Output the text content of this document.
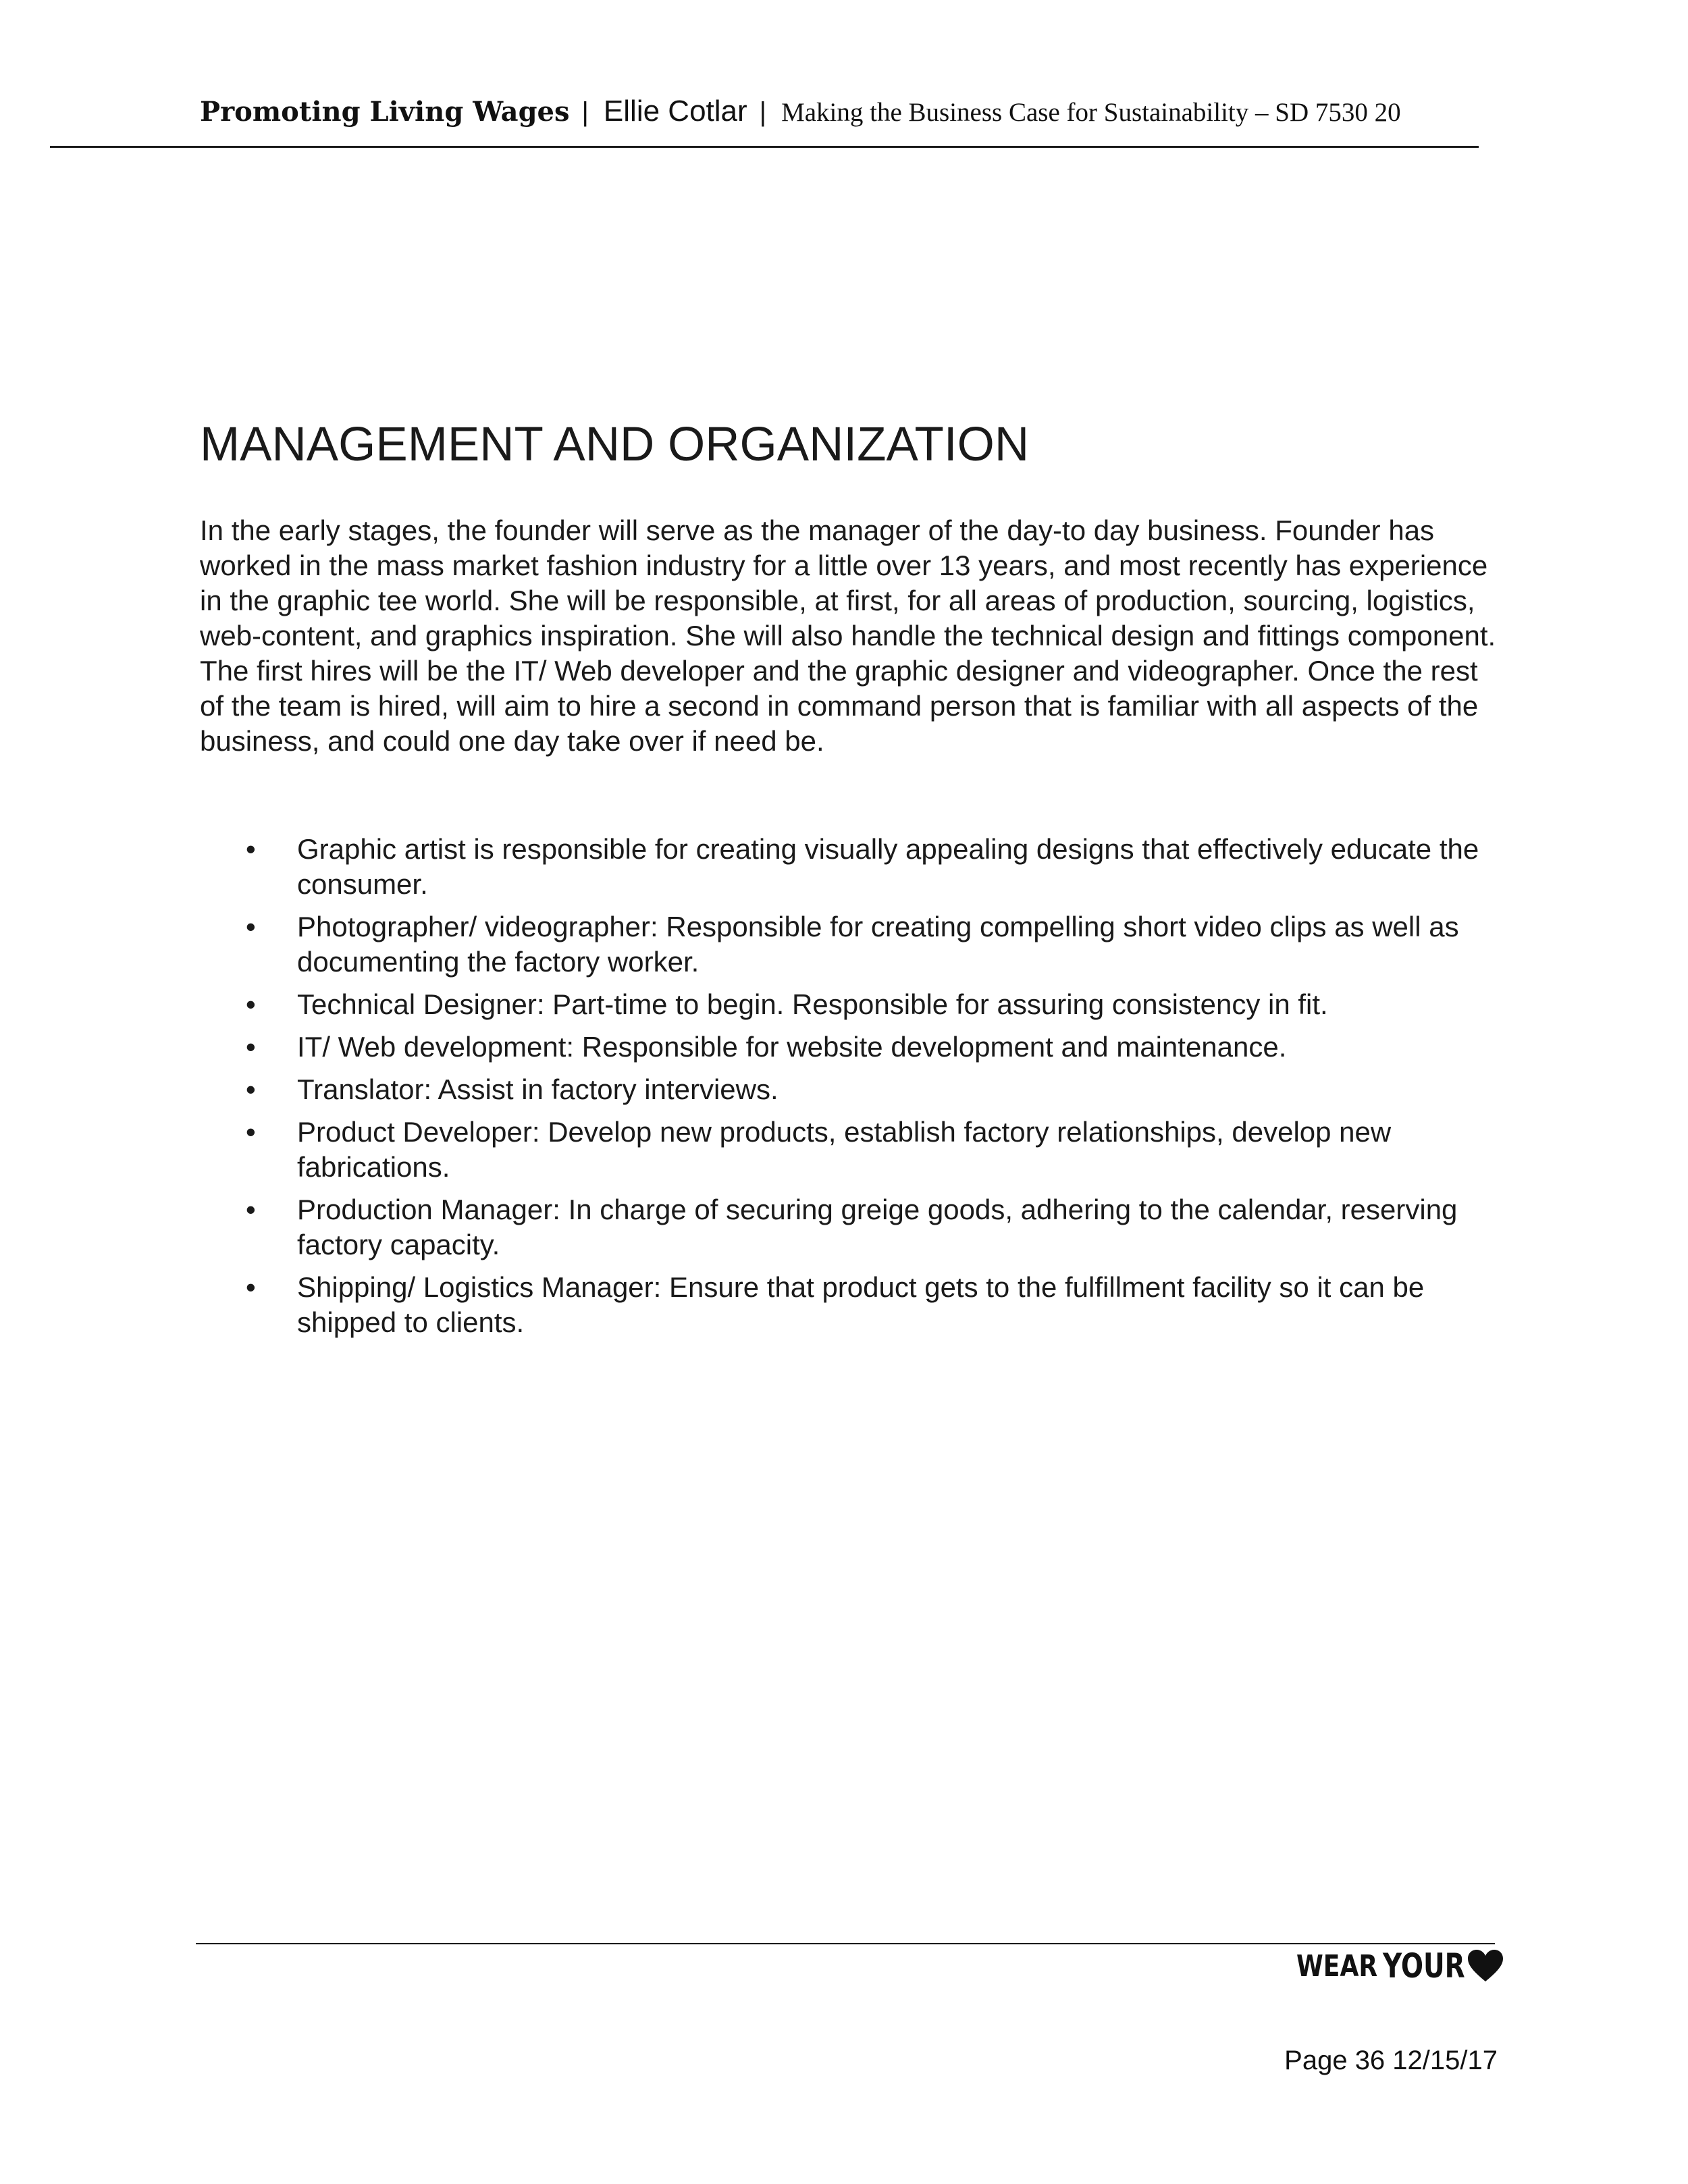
Promoting Living Wages | Ellie Cotlar | Making the Business Case for Sustainability – SD 7530 20
MANAGEMENT AND ORGANIZATION

In the early stages, the founder will serve as the manager of the day-to day business. Founder has worked in the mass market fashion industry for a little over 13 years, and most recently has experience in the graphic tee world. She will be responsible, at first, for all areas of production, sourcing, logistics, web-content, and graphics inspiration. She will also handle the technical design and fittings component. The first hires will be the IT/ Web developer and the graphic designer and videographer. Once the rest of the team is hired, will aim to hire a second in command person that is familiar with all aspects of the business, and could one day take over if need be.

• Graphic artist is responsible for creating visually appealing designs that effectively educate the consumer.
• Photographer/ videographer: Responsible for creating compelling short video clips as well as documenting the factory worker.
• Technical Designer: Part-time to begin. Responsible for assuring consistency in fit.
• IT/ Web development: Responsible for website development and maintenance.
• Translator: Assist in factory interviews.
• Product Developer: Develop new products, establish factory relationships, develop new fabrications.
• Production Manager: In charge of securing greige goods, adhering to the calendar, reserving factory capacity.
• Shipping/ Logistics Manager: Ensure that product gets to the fulfillment facility so it can be shipped to clients.
WEAR YOUR
Page 36 12/15/17
